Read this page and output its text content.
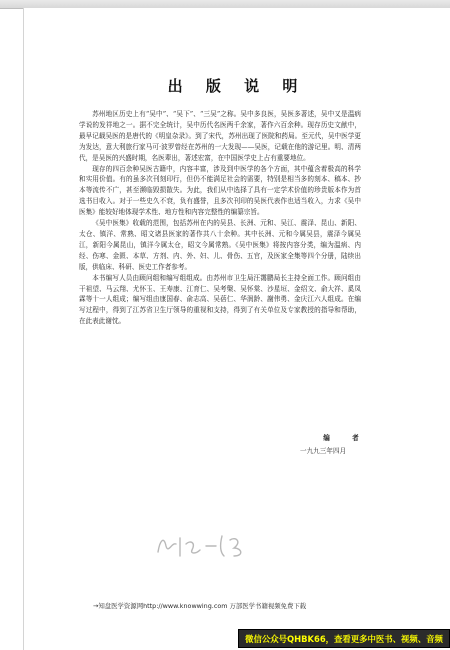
出 版 说 明

苏州地区历史上有“吴中”、“吴下”、“三吴”之称。吴中多良医，吴医多著述，吴中又是温病学说的发祥地之一。据不完全统计，吴中历代名医两千余家，著作六百余种。现存历史文献中，最早记载吴医的是唐代的《明皇杂录》。到了宋代，苏州出现了医院和药局。至元代，吴中医学更为发达，意大利旅行家马可·波罗曾经在苏州的一大发现——吴医，记载在他的游记里。明、清两代，是吴医的兴盛时期，名医辈出，著述宏富，在中国医学史上占有重要地位。

现存的四百余种吴医古籍中，内容丰富，涉及到中医学的各个方面，其中蕴含着极高的科学和实用价值。有的虽多次刊刻印行，但仍不能满足社会的需要，特别是相当多的刻本、稿本、抄本等流传不广，甚至濒临毁损散失。为此，我们从中选择了具有一定学术价值的珍贵版本作为首选书目收入。对于一些史久不衰，负有盛誉，且多次刊印的吴医代表作也适当收入，力求《吴中医集》能较好地体现学术性、地方性和内容完整性的编纂宗旨。

《吴中医集》收载的范围，包括苏州在内的吴县、长洲、元和、吴江、震泽、昆山、新阳、太仓、镇洋、常熟、昭文诸县医家的著作共八十余种。其中长洲、元和今属吴县，震泽今属吴江，新阳今属昆山，镇洋今属太仓，昭文今属常熟。《吴中医集》将按内容分类，编为温病、内经、伤寒、金匮、本草、方剂、内、外、妇、儿、骨伤、五官，及医家全集等四个分册，陆续出版，供临床、科研、医史工作者参考。

本书编写人员由顾问组和编写组组成。由苏州市卫生局汪霭鹏局长主持全面工作。顾问组由干祖望、马云翔、尤怀玉、王寿康、江育仁、吴考槃、吴怀棠、沙星垣、金绍文、俞大祥、奚凤霖等十一人组成；编写组由康国春、俞志高、吴蓓仁、华润龄、謝伟勇、金庆江六人组成。在编写过程中，得到了江苏省卫生厅领导的重视和支持，得到了有关单位及专家教授的指导和帮助，在此表此谢忱。

编 者
一九九三年四月
→知盘医学资源网http://www.knowwing.com 万部医学书籍视频免费下载
微信公众号QHBK66，查看更多中医书、视频、音频
